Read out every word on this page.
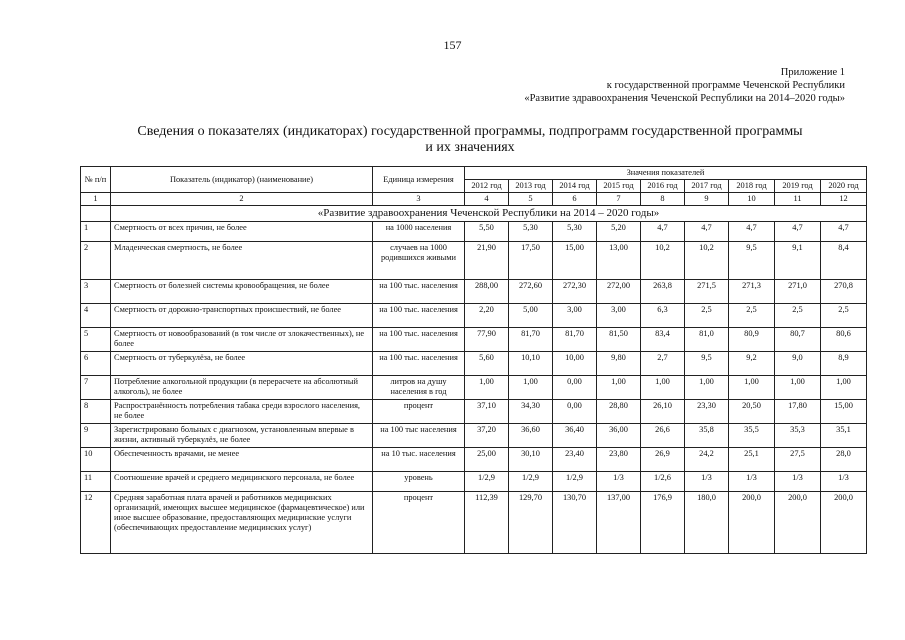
157
Приложение 1
к государственной программе Чеченской Республики
«Развитие здравоохранения Чеченской Республики на 2014–2020 годы»
Сведения о показателях (индикаторах) государственной программы, подпрограмм государственной программы
и их значениях
№ п/п	Показатель (индикатор) (наименование)	Единица измерения	Значения показателей								
			2012 год	2013 год	2014 год	2015 год	2016 год	2017 год	2018 год	2019 год	2020 год
1	2	3	4	5	6	7	8	9	10	11	12
	«Развитие здравоохранения Чеченской Республики на 2014 – 2020 годы»										
1	Смертность от всех причин, не более	на 1000 населения	5,50	5,30	5,30	5,20	4,7	4,7	4,7	4,7	4,7
2	Младенческая смертность, не более	случаев на 1000 родившихся живыми	21,90	17,50	15,00	13,00	10,2	10,2	9,5	9,1	8,4
3	Смертность от болезней системы кровообращения, не более	на 100 тыс. населения	288,00	272,60	272,30	272,00	263,8	271,5	271,3	271,0	270,8
4	Смертность от дорожно-транспортных происшествий, не более	на 100 тыс. населения	2,20	5,00	3,00	3,00	6,3	2,5	2,5	2,5	2,5
5	Смертность от новообразований (в том числе от злокачественных), не более	на 100 тыс. населения	77,90	81,70	81,70	81,50	83,4	81,0	80,9	80,7	80,6
6	Смертность от туберкулёза, не более	на 100 тыс. населения	5,60	10,10	10,00	9,80	2,7	9,5	9,2	9,0	8,9
7	Потребление алкогольной продукции (в перерасчете на абсолютный алкоголь), не более	литров на душу населения в год	1,00	1,00	0,00	1,00	1,00	1,00	1,00	1,00	1,00
8	Распространённость потребления табака среди взрослого населения, не более	процент	37,10	34,30	0,00	28,80	26,10	23,30	20,50	17,80	15,00
9	Зарегистрировано больных с диагнозом, установленным впервые в жизни, активный туберкулёз, не более	на 100 тыс населения	37,20	36,60	36,40	36,00	26,6	35,8	35,5	35,3	35,1
10	Обеспеченность врачами, не менее	на 10 тыс. населения	25,00	30,10	23,40	23,80	26,9	24,2	25,1	27,5	28,0
11	Соотношение врачей и среднего медицинского персонала, не более	уровень	1/2,9	1/2,9	1/2,9	1/3	1/2,6	1/3	1/3	1/3	1/3
12	Средняя заработная плата врачей и работников медицинских организаций, имеющих высшее медицинское (фармацевтическое) или иное высшее образование, предоставляющих медицинские услуги (обеспечивающих предоставление медицинских услуг)	процент	112,39	129,70	130,70	137,00	176,9	180,0	200,0	200,0	200,0
